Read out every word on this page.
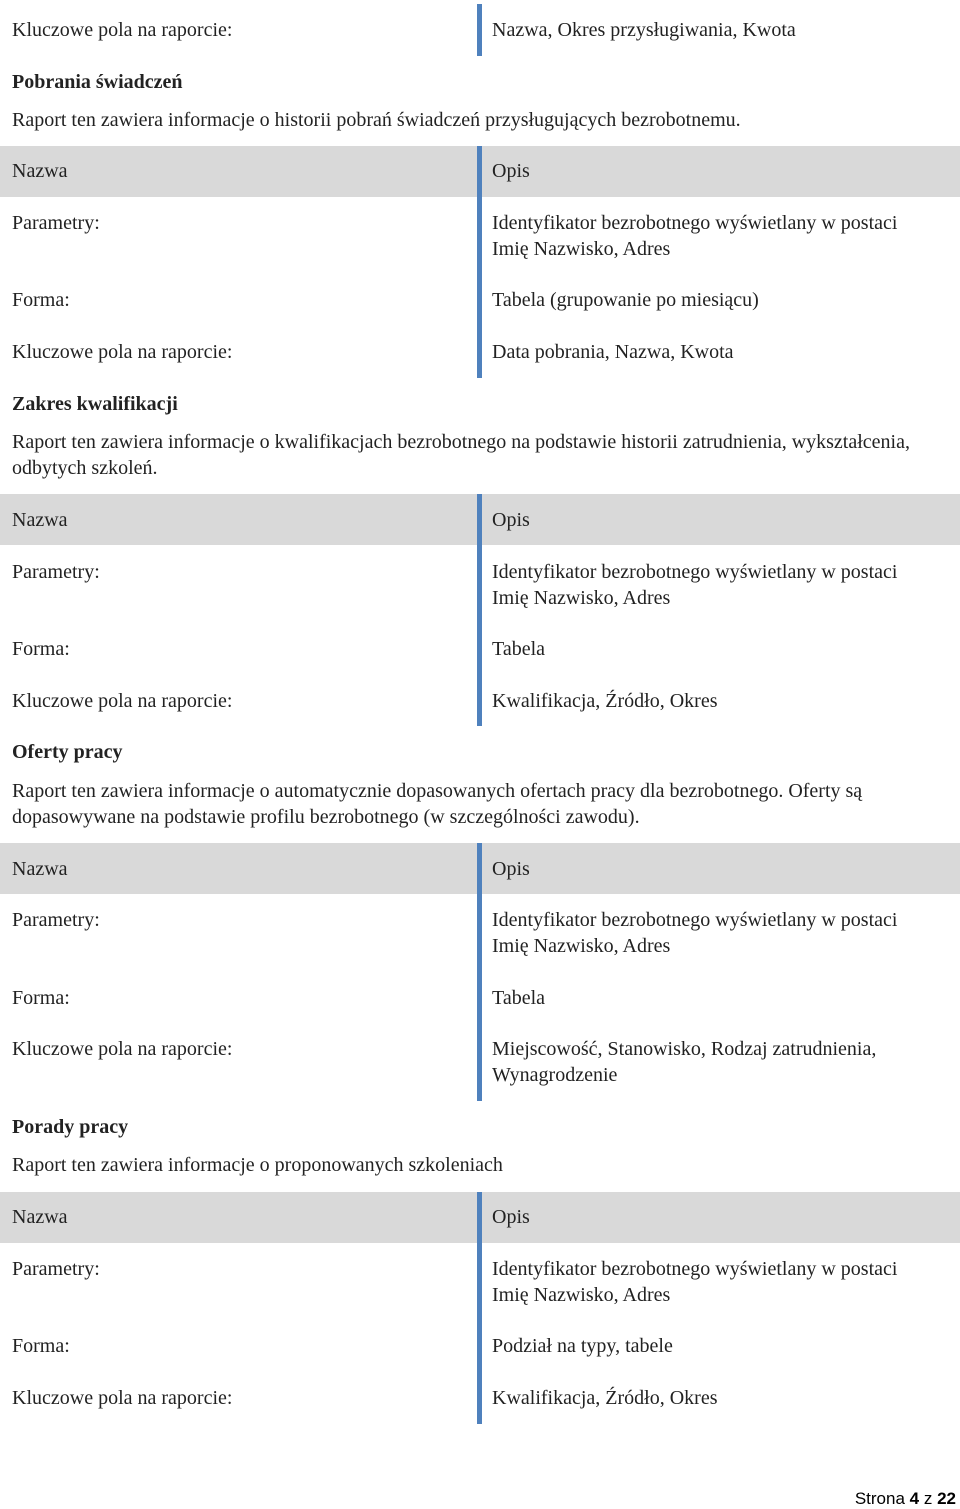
Kluczowe pola na raporcie:	Nazwa, Okres przysługiwania, Kwota
Pobrania świadczeń
Raport ten zawiera informacje o historii pobrań świadczeń przysługujących bezrobotnemu.
Nazwa	Opis
Parametry:	Identyfikator bezrobotnego wyświetlany w postaci Imię Nazwisko, Adres
Forma:	Tabela (grupowanie po miesiącu)
Kluczowe pola na raporcie:	Data pobrania, Nazwa, Kwota
Zakres kwalifikacji
Raport ten zawiera informacje o kwalifikacjach bezrobotnego na podstawie historii zatrudnienia, wykształcenia, odbytych szkoleń.
Nazwa	Opis
Parametry:	Identyfikator bezrobotnego wyświetlany w postaci Imię Nazwisko, Adres
Forma:	Tabela
Kluczowe pola na raporcie:	Kwalifikacja, Źródło, Okres
Oferty pracy
Raport ten zawiera informacje o automatycznie dopasowanych ofertach pracy dla bezrobotnego. Oferty są dopasowywane na podstawie profilu bezrobotnego (w szczególności zawodu).
Nazwa	Opis
Parametry:	Identyfikator bezrobotnego wyświetlany w postaci Imię Nazwisko, Adres
Forma:	Tabela
Kluczowe pola na raporcie:	Miejscowość, Stanowisko, Rodzaj zatrudnienia, Wynagrodzenie
Porady pracy
Raport ten zawiera informacje o proponowanych szkoleniach
Nazwa	Opis
Parametry:	Identyfikator bezrobotnego wyświetlany w postaci Imię Nazwisko, Adres
Forma:	Podział na typy, tabele
Kluczowe pola na raporcie:	Kwalifikacja, Źródło, Okres
Strona 4 z 22
